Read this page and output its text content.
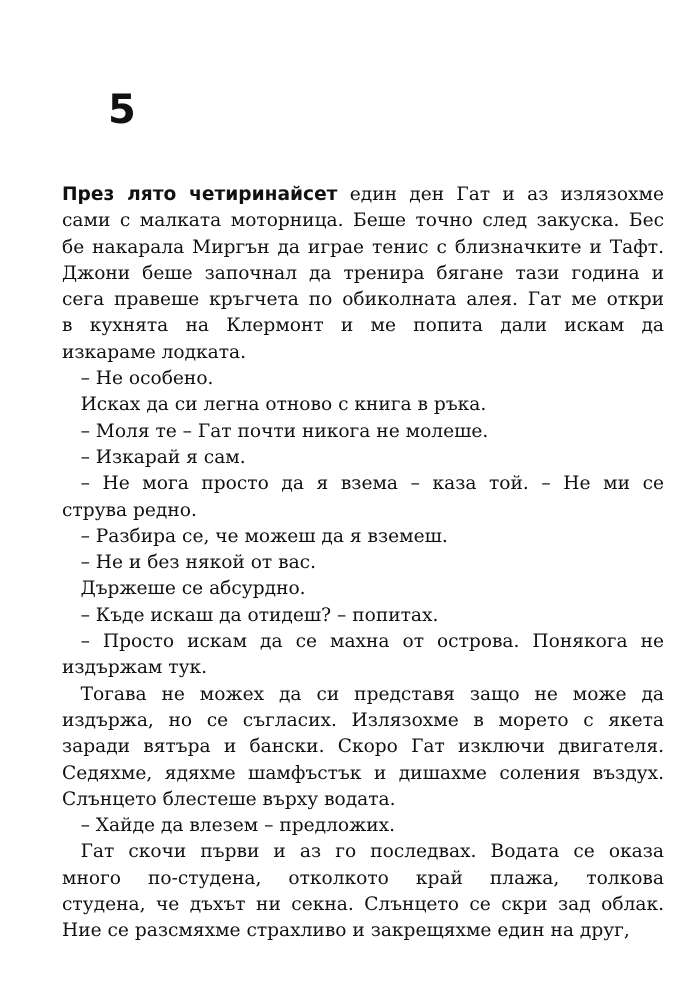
5

През лято четиринайсет един ден Гат и аз излязохме
сами с малката моторница. Беше точно след закуска. Бес
бе накарала Миргън да играе тенис с близначките и Тафт.
Джони беше започнал да тренира бягане тази година и
сега правеше кръгчета по обиколната алея. Гат ме откри
в кухнята на Клермонт и ме попита дали искам да
изкараме лодката.

  – Не особено.

  Исках да си легна отново с книга в ръка.

  – Моля те – Гат почти никога не молеше.

  – Изкарай я сам.

  – Не мога просто да я взема – каза той. – Не ми се
струва редно.

  – Разбира се, че можеш да я вземеш.

  – Не и без някой от вас.

  Държеше се абсурдно.

  – Къде искаш да отидеш? – попитах.

  – Просто искам да се махна от острова. Понякога не
издържам тук.

  Тогава не можех да си представя защо не може да
издържа, но се съгласих. Излязохме в морето с якета
заради вятъра и бански. Скоро Гат изключи двигателя.
Седяхме, ядяхме шамфъстък и дишахме соления въздух.
Слънцето блестеше върху водата.

  – Хайде да влезем – предложих.

  Гат скочи първи и аз го последвах. Водата се оказа
много по-студена, отколкото край плажа, толкова
студена, че дъхът ни секна. Слънцето се скри зад облак.
Ние се разсмяхме страхливо и закрещяхме един на друг,
